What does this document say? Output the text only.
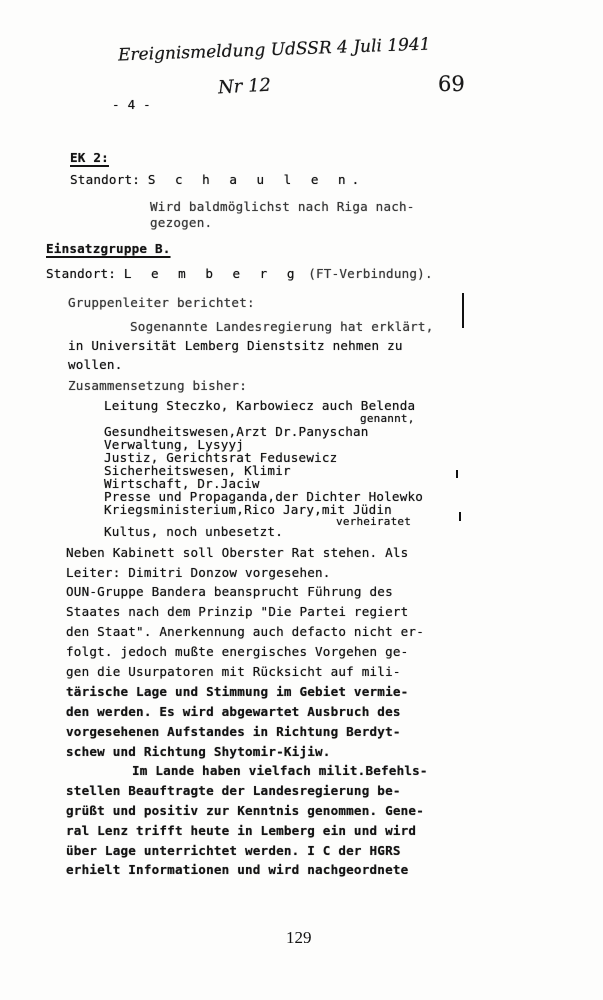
Ereignismeldung UdSSR 4 Juli 1941
Nr 12	69
- 4 -
EK 2:
Standort: S c h a u l e n.
Wird baldmöglichst nach Riga nach-
gezogen.
Einsatzgruppe B.
Standort: L e m b e r g (FT-Verbindung).
Gruppenleiter berichtet:
Sogenannte Landesregierung hat erklärt,
in Universität Lemberg Dienstsitz nehmen zu
wollen.
Zusammensetzung bisher:
Leitung Steczko, Karbowiecz auch Belenda
genannt,
Gesundheitswesen,Arzt Dr.Panyschan
Verwaltung, Lysyyj
Justiz, Gerichtsrat Fedusewicz
Sicherheitswesen, Klimir
Wirtschaft, Dr.Jaciw
Presse und Propaganda,der Dichter Holewko
Kriegsministerium,Rico Jary,mit Jüdin
verheiratet
Kultus, noch unbesetzt.
Neben Kabinett soll Oberster Rat stehen. Als
Leiter: Dimitri Donzow vorgesehen.
OUN-Gruppe Bandera beansprucht Führung des
Staates nach dem Prinzip "Die Partei regiert
den Staat". Anerkennung auch defacto nicht er-
folgt. jedoch mußte energisches Vorgehen ge-
gen die Usurpatoren mit Rücksicht auf mili-
tärische Lage und Stimmung im Gebiet vermie-
den werden. Es wird abgewartet Ausbruch des
vorgesehenen Aufstandes in Richtung Berdyt-
schew und Richtung Shytomir-Kijiw.
Im Lande haben vielfach milit.Befehls-
stellen Beauftragte der Landesregierung be-
grüßt und positiv zur Kenntnis genommen. Gene-
ral Lenz trifft heute in Lemberg ein und wird
über Lage unterrichtet werden. I C der HGRS
erhielt Informationen und wird nachgeordnete
129
